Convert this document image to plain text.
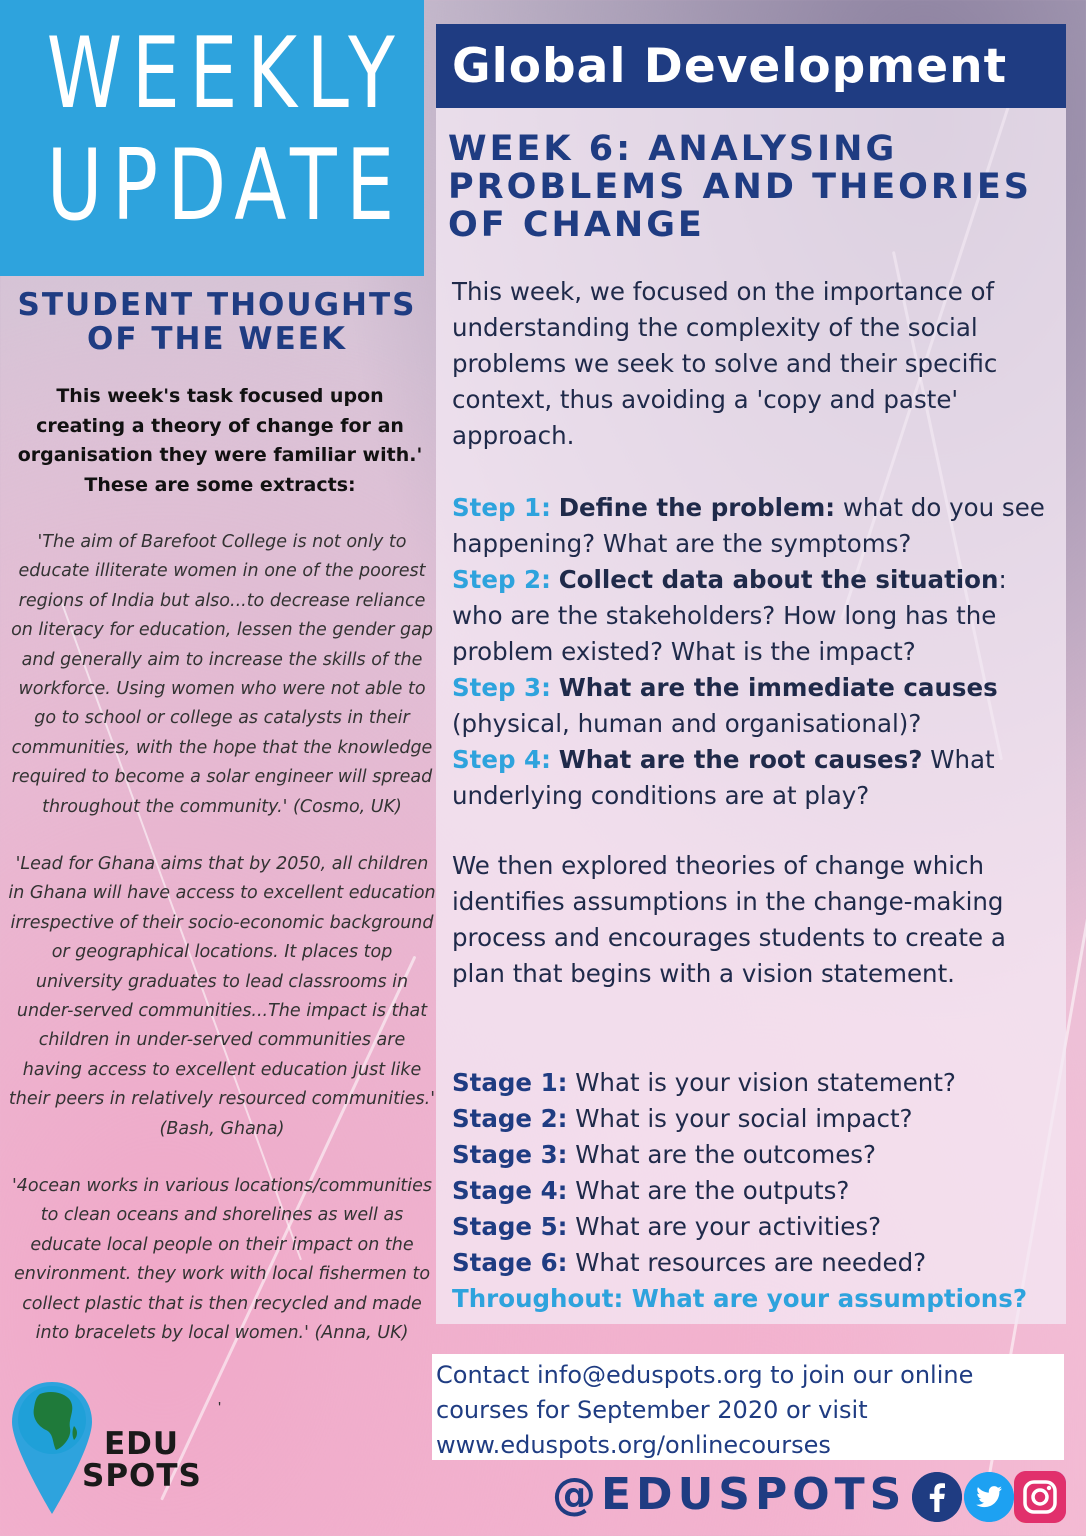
WEEKLY
UPDATE
STUDENT THOUGHTS OF THE WEEK

This week's task focused upon creating a theory of change for an organisation they were familiar with.' These are some extracts:

'The aim of Barefoot College is not only to educate illiterate women in one of the poorest regions of India but also...to decrease reliance on literacy for education, lessen the gender gap and generally aim to increase the skills of the workforce. Using women who were not able to go to school or college as catalysts in their communities, with the hope that the knowledge required to become a solar engineer will spread throughout the community.' (Cosmo, UK)

'Lead for Ghana aims that by 2050, all children in Ghana will have access to excellent education irrespective of their socio-economic background or geographical locations. It places top university graduates to lead classrooms in under-served communities...The impact is that children in under-served communities are having access to excellent education just like their peers in relatively resourced communities.' (Bash, Ghana)

'4ocean works in various locations/communities to clean oceans and shorelines as well as educate local people on their impact on the environment. they work with local fishermen to collect plastic that is then recycled and made into bracelets by local women.' (Anna, UK)

'
EDU
SPOTS
Global Development
WEEK 6: ANALYSING PROBLEMS AND THEORIES OF CHANGE

This week, we focused on the importance of understanding the complexity of the social problems we seek to solve and their specific context, thus avoiding a 'copy and paste' approach.

Step 1: Define the problem: what do you see happening? What are the symptoms?
Step 2: Collect data about the situation: who are the stakeholders? How long has the problem existed? What is the impact?
Step 3: What are the immediate causes (physical, human and organisational)?
Step 4: What are the root causes? What underlying conditions are at play?

We then explored theories of change which identifies assumptions in the change-making process and encourages students to create a plan that begins with a vision statement.

Stage 1: What is your vision statement?
Stage 2: What is your social impact?
Stage 3: What are the outcomes?
Stage 4: What are the outputs?
Stage 5: What are your activities?
Stage 6: What resources are needed?
Throughout: What are your assumptions?

Contact info@eduspots.org to join our online courses for September 2020 or visit www.eduspots.org/onlinecourses

@EDUSPOTS
